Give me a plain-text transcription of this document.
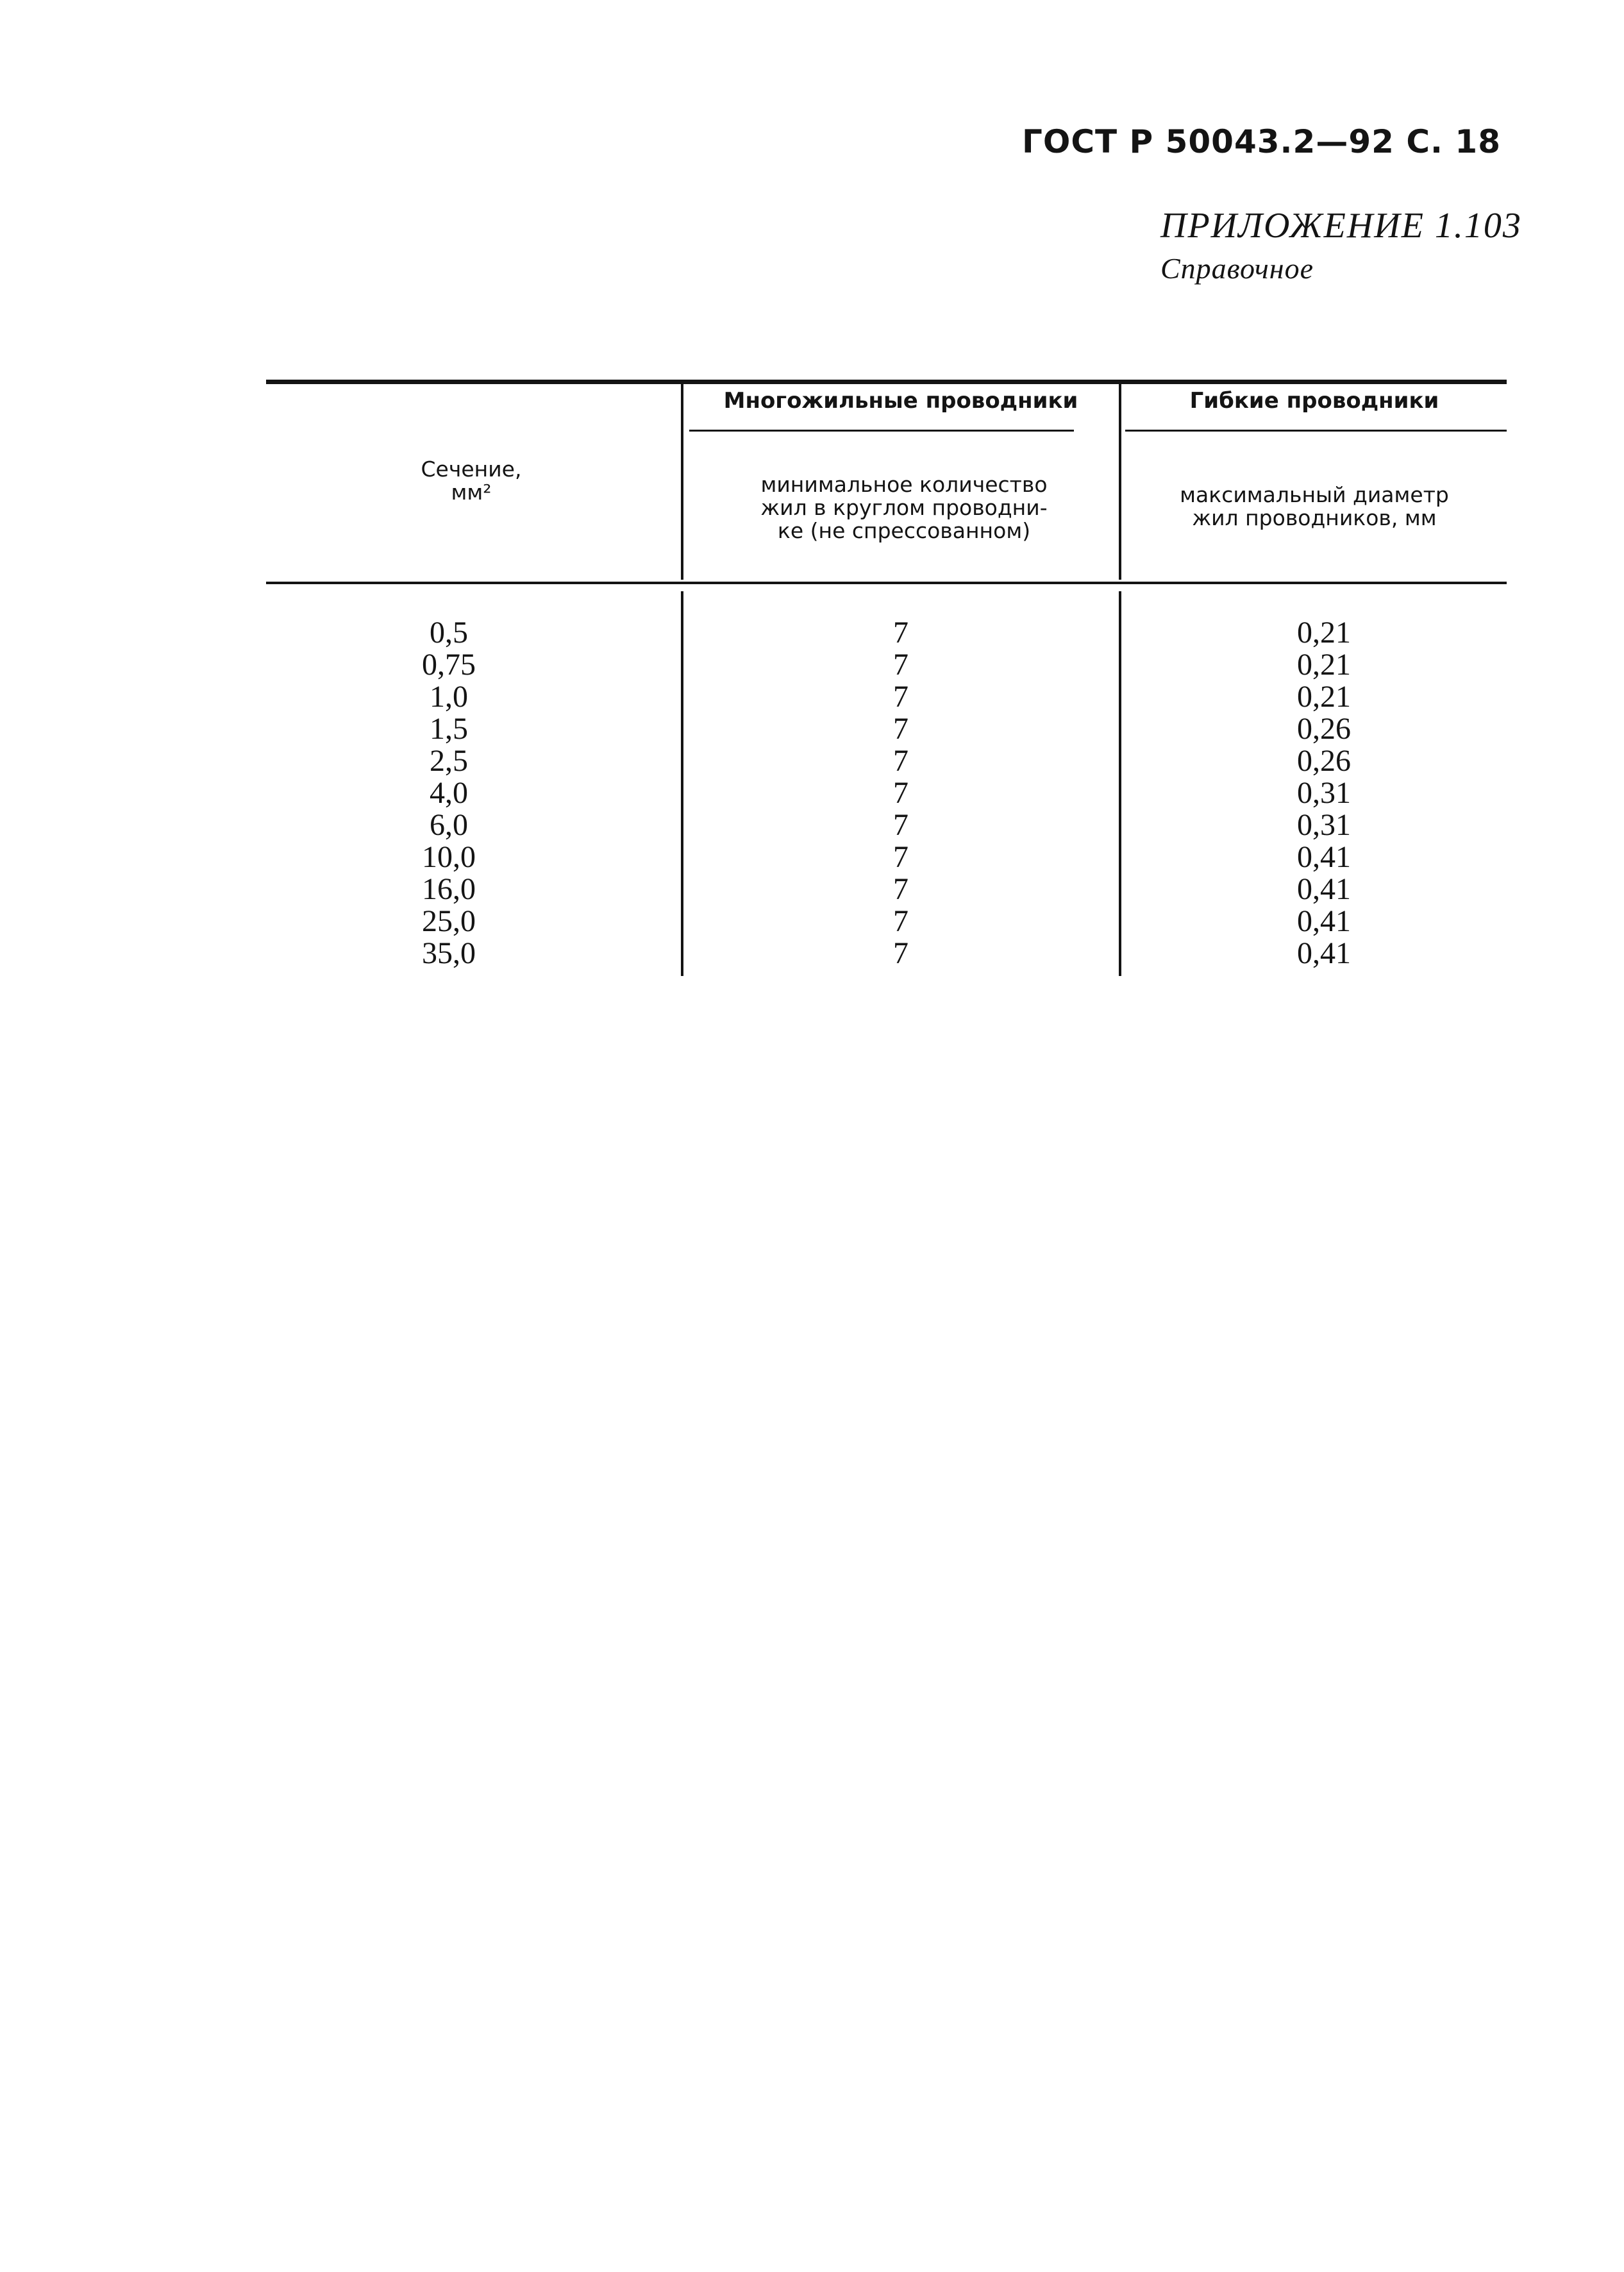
ГОСТ Р 50043.2—92 С. 18
ПРИЛОЖЕНИЕ 1.103
Справочное
Сечение,
мм²
Многожильные проводники	Гибкие проводники
минимальное количество
жил в круглом проводни-
ке (не спрессованном)
максимальный диаметр
жил проводников, мм
0,5
0,75
1,0
1,5
2,5
4,0
6,0
10,0
16,0
25,0
35,0
7
7
7
7
7
7
7
7
7
7
7
0,21
0,21
0,21
0,26
0,26
0,31
0,31
0,41
0,41
0,41
0,41
